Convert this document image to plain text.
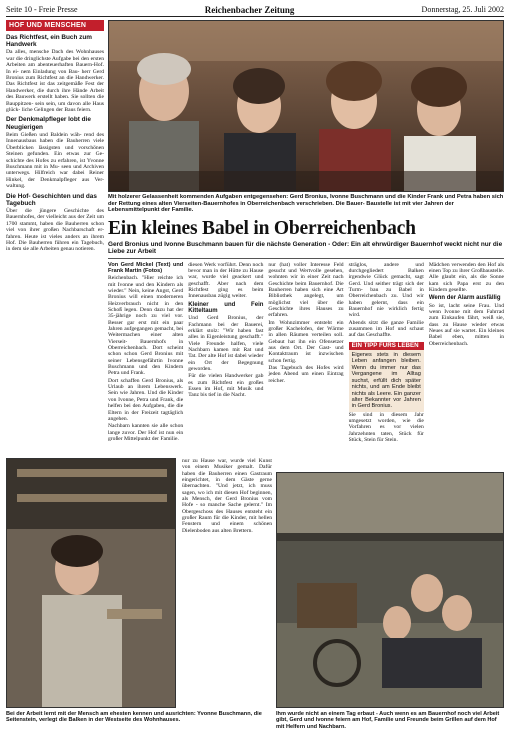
Seite 10 - Freie Presse	Reichenbacher Zeitung	Donnerstag, 25. Juli 2002
HOF UND MENSCHEN
Das Richtfest, ein Buch zum Handwerk
Da alles, mensche Dach des Wohnhauses war die dringlichste Aufgabe bei den ersten Arbeiten am abenteuerhaften Bauern-Hof. In ei- nem Einladung von Bau- herr Gerd Bronius zum Richtfest an die Handwerker. Das Richtfest ist das zeitgemäße Fest der Handwerker, die durch ihre Hände Arbeit des Bauwerk erstellt haben. Sie sollten die Bauppitzen- sein sein, um davon alle Haus glück- liche Gelingen der Baus feiern.
Der Denkmalpfleger lobt die Neugierigen
Beim Gießen und Baldein wäh- rend des Innenausbaus haben die Bauherren viele Überblicken lässigsten und vorschönen Steinen gefunden. Ein etwas zur Ge- schichte des Hofes zu erfahren, ist Yvonne Buschmann mit in Mu- seen und Archiven unterwegs. Hilfreich war dabei Reiner Hinkel, der Denkmalpfleger aus Ver- waltung.
Die Hof- Geschichten und das Tagebuch
Über die jüngere Geschichte des Bauernhofes, der vielleicht aus der Zeit um 1700 stammt, haben die Bauherren schon viel von ihrer großen Nachbarschaft er- fahren. Heute ist vieles anders an ihrem Hof. Die Bauherren führen ein Tagebuch, in dem sie alle Arbeiten genau notieren.
Mit holzerer Gelassenheit kommenden Aufgaben entgegensehen: Gerd Bronius, Ivonne Buschmann und die Kinder Frank und Petra haben sich der Rettung eines alten Vierseiten-Bauernhofes in Oberreichenbach verschrieben. Die Bauer- Baustelle ist mit vier Jahren der Lebensmittelpunkt der Familie.
Ein kleines Babel in Oberreichenbach
Gerd Bronius und Ivonne Buschmann bauen für die nächste Generation - Oder: Ein alt ehrwürdiger Bauernhof weckt nicht nur die Liebe zur Arbeit

Von Gerd Mickel (Text) und Frank Martin (Fotos)

Reichenbach. "Hier reichte ich mit Ivonne und den Kindern als wieder." Nein, keine Angst, Gerd Bronius will einen moderneren Heizverbrauch nicht in den Schoß legen. Denn dazu hat der 35-jährige noch zu viel vor. Besser gar erst mit ein paar Jahren aufgegangen gemacht, bei Weitermachen einer alten Vierseit- Bauernhofs in Oberreichenbach. Dort scheint schon schon Gerd Bronius mit seiner Lebensgefährtin Ivonne Buschmann und den Kindern Petra und Frank.

Dort schaffen Gerd Bronius, als Urlaub an ihrem Lebenswerk. Sein wie Jahren. Und die Kinder von Ivonne, Petra und Frank, die helfen bei den Aufgaben, die die Eltern in der Freizeit tagtäglich angehen.

Nachbarn kannten sie alle schon lange zuvor. Der Hof ist nun ein großer Mittelpunkt der Familie.

diesen Werk vorführt. Denn noch bevor man in der Hütte zu Hause war, wurde viel geackert und geschafft. Aber nach dem Richtfest ging es beim Innenausbau zügig weiter.

Kleiner und Fein Kitteltaum

Und Gerd Bronius, der Fachmann bei der Bauerei, erklärt stolz: "Wir haben fast alles in Eigenleistung geschafft." Viele Freunde halfen, viele Nachbarn kamen mit Rat und Tat. Der alte Hof ist dabei wieder ein Ort der Begegnung geworden.

Für die vielen Handwerker gab es zum Richtfest ein großes Essen im Hof, mit Musik und Tanz bis tief in die Nacht.

nur (hat) voller Interesse Feld gesucht und Wertvolle gesehen, wohnten wir in einer Zeit nach Geschichte beim Bauernhof. Die Bauherren haben sich eine Art Bibliothek angelegt, um möglichst viel über die Geschichte ihres Hauses zu erfahren.

Im Wohnzimmer entsteht ein großer Kachelofen, der Wärme in allen Räumen verteilen soll. Gebaut hat ihn ein Ofensetzer aus dem Ort. Der Gast- und Kontaktraum ist inzwischen schon fertig.

Das Tagebuch des Hofes wird jeden Abend um einen Eintrag reicher.

sträglos, andere und durchgegliedert Balken irgendwie Glück gemacht, sagt Gerd. Und seither trägt sich der Turm- bau zu Babel in Oberreichenbach zu. Und wir haben gelernt, dass ein Bauernhof nie wirklich fertig wird.

Abends sitzt die ganze Familie zusammen im Hof und schaut auf das Geschaffte.

EIN TIPP FÜRS LEBEN
Eigenes stets in diesem Leben anfangen bleiben. Wenn du immer nur das Vergangene im Alltag suchst, erfüllt dich später nichts, und am Ende bleibt nichts als Leere. Ein ganzer alter Bekannter vor Jahren in Gerd Bronius.

Sie sind in diesem Jahr umgesetzt worden, wie die Vorfahren es vor vielen Jahrzehnten taten, Stück für Stück, Stein für Stein.

Mädchen verwenden den Hof als einen Top zu ihrer Großbaustelle. Alle glaubt ein, als die Sonne kam sich Papa erst zu den Kindern gesellte.

Wenn der Alarm ausfällig

So ist, lacht seine Frau. Und wenn Ivonne mit dem Fahrrad zum Einkaufen fährt, weiß sie, dass zu Hause wieder etwas Neues auf sie wartet. Ein kleines Babel eben, mitten in Oberreichenbach.

nur zu Hause war, wurde viel Kunst von einem Musiker gemalt. Dafür haben die Bauherren einen Gastraum eingerichtet, in dem Gäste gerne übernachten. "Und jetzt, ich muss sagen, wo ich mit diesen Hof beginnen, als Mensch, der Gerd Bronius vom Hofe - so manche Sache gelernt." Im Obergeschoss des Hauses entsteht ein großer Raum für die Kinder, mit hellen Fenstern und einem schönen Dielenboden aus alten Brettern.
Bei der Arbeit lernt mit der Mensch am ehesten kennen und ausrichten: Yvonne Buschmann, die Seitenstein, verlegt die Balken in der Westseite des Wohnhauses.
Ihm wurde nicht an einem Tag erbaut - Auch wenn es am Bauernhof noch viel Arbeit gibt, Gerd und Ivonne feiern am Hof, Familie und Freunde beim Grillen auf dem Hof mit Helfern und Nachbarn.
